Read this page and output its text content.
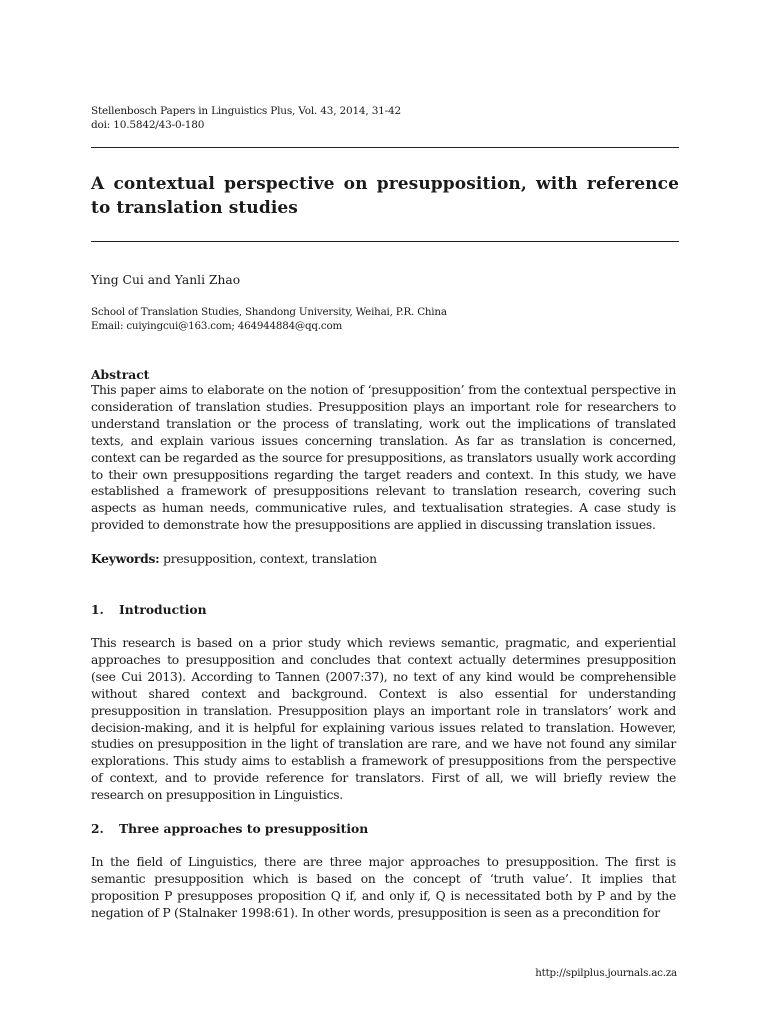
Stellenbosch Papers in Linguistics Plus, Vol. 43, 2014, 31-42
doi: 10.5842/43-0-180
A contextual perspective on presupposition, with reference to translation studies
Ying Cui and Yanli Zhao
School of Translation Studies, Shandong University, Weihai, P.R. China
Email: cuiyingcui@163.com; 464944884@qq.com
Abstract
This paper aims to elaborate on the notion of ‘presupposition’ from the contextual perspective in consideration of translation studies. Presupposition plays an important role for researchers to understand translation or the process of translating, work out the implications of translated texts, and explain various issues concerning translation. As far as translation is concerned, context can be regarded as the source for presuppositions, as translators usually work according to their own presuppositions regarding the target readers and context. In this study, we have established a framework of presuppositions relevant to translation research, covering such aspects as human needs, communicative rules, and textualisation strategies. A case study is provided to demonstrate how the presuppositions are applied in discussing translation issues.
Keywords: presupposition, context, translation
1. Introduction
This research is based on a prior study which reviews semantic, pragmatic, and experiential approaches to presupposition and concludes that context actually determines presupposition (see Cui 2013). According to Tannen (2007:37), no text of any kind would be comprehensible without shared context and background. Context is also essential for understanding presupposition in translation. Presupposition plays an important role in translators’ work and decision-making, and it is helpful for explaining various issues related to translation. However, studies on presupposition in the light of translation are rare, and we have not found any similar explorations. This study aims to establish a framework of presuppositions from the perspective of context, and to provide reference for translators. First of all, we will briefly review the research on presupposition in Linguistics.
2. Three approaches to presupposition
In the field of Linguistics, there are three major approaches to presupposition. The first is semantic presupposition which is based on the concept of ‘truth value’. It implies that proposition P presupposes proposition Q if, and only if, Q is necessitated both by P and by the negation of P (Stalnaker 1998:61). In other words, presupposition is seen as a precondition for
http://spilplus.journals.ac.za
